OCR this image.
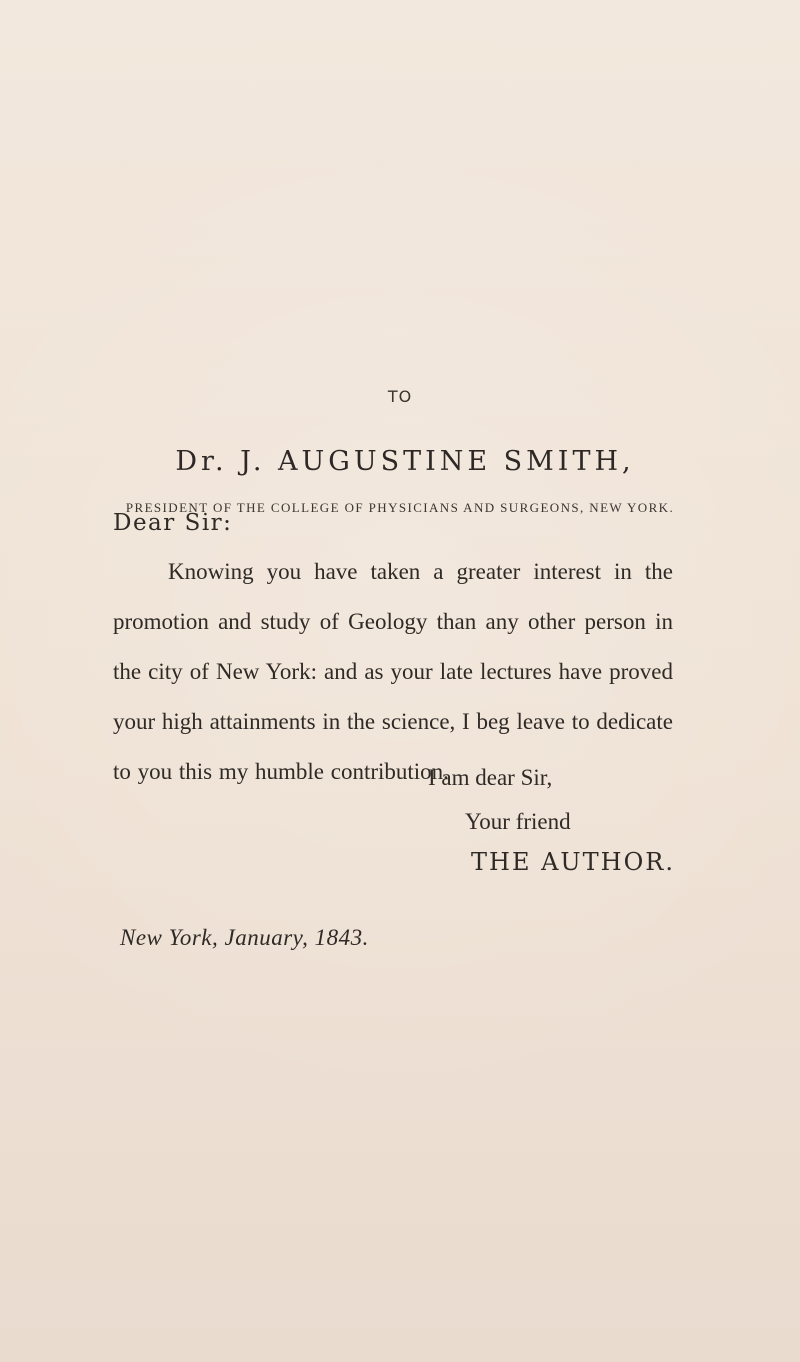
TO
Dr. J. AUGUSTINE SMITH,
PRESIDENT OF THE COLLEGE OF PHYSICIANS AND SURGEONS, NEW YORK.
Dear Sir:

Knowing you have taken a greater interest in the promotion and study of Geology than any other person in the city of New York: and as your late lectures have proved your high attainments in the science, I beg leave to dedicate to you this my humble contribution.

I am dear Sir,
Your friend
THE AUTHOR.
New York, January, 1843.
